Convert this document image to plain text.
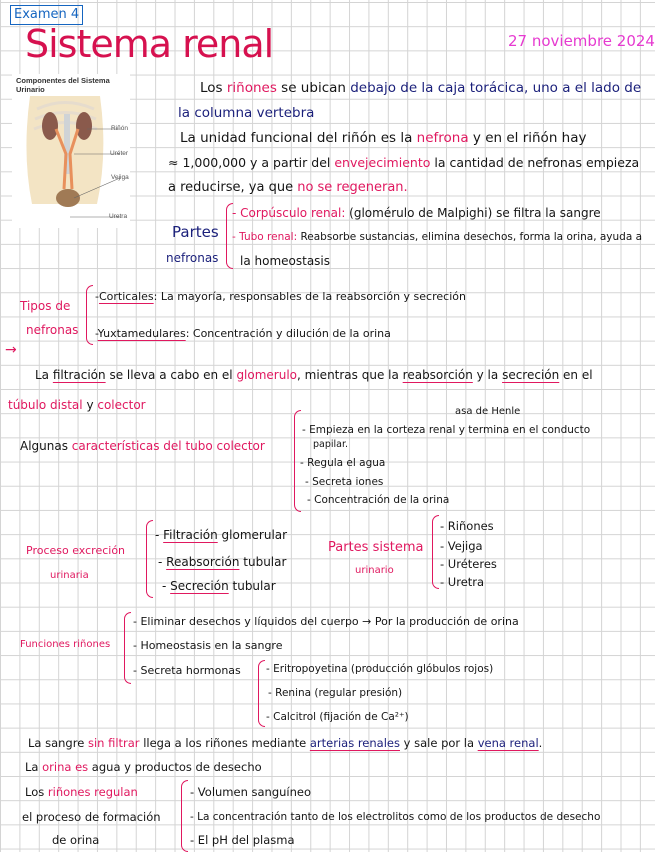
Examen 4
Sistema renal	27 noviembre 2024
Componentes del Sistema Urinario
Riñón
Uréter
Vejiga
Uretra
Los riñones se ubican debajo de la caja torácica, uno a el lado de
la columna vertebra
La unidad funcional del riñón es la nefrona y en el riñón hay
≈ 1,000,000 y a partir del envejecimiento la cantidad de nefronas empieza
a reducirse, ya que no se regeneran.
Partes
nefronas
- Corpúsculo renal: (glomérulo de Malpighi) se filtra la sangre
- Tubo renal: Reabsorbe sustancias, elimina desechos, forma la orina, ayuda a
la homeostasis
Tipos de
nefronas
-Corticales: La mayoría, responsables de la reabsorción y secreción
-Yuxtamedulares: Concentración y dilución de la orina
→
La filtración se lleva a cabo en el glomerulo, mientras que la reabsorción y la secreción en el
túbulo distal y colector	asa de Henle
Algunas características del tubo colector
- Empieza en la corteza renal y termina en el conducto
papilar.
- Regula el agua
- Secreta iones
- Concentración de la orina
Proceso excreción
urinaria
- Filtración glomerular
- Reabsorción tubular
- Secreción tubular
Partes sistema
urinario
- Riñones
- Vejiga
- Uréteres
- Uretra
Funciones riñones
- Eliminar desechos y líquidos del cuerpo → Por la producción de orina
- Homeostasis en la sangre
- Secreta hormonas - Eritropoyetina (producción glóbulos rojos)
- Renina (regular presión)
- Calcitrol (fijación de Ca²⁺)
La sangre sin filtrar llega a los riñones mediante arterias renales y sale por la vena renal.
La orina es agua y productos de desecho
Los riñones regulan
el proceso de formación
de orina
- Volumen sanguíneo
- La concentración tanto de los electrolitos como de los productos de desecho
- El pH del plasma
